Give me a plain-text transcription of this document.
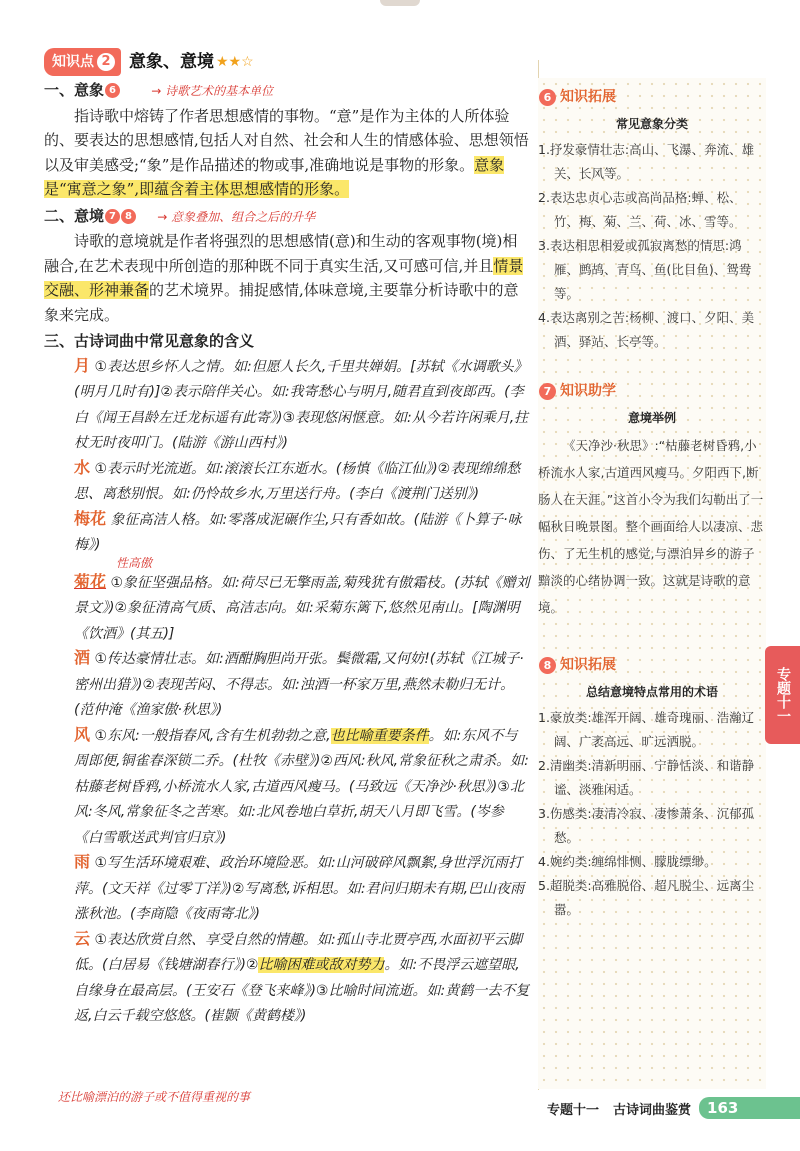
知识点 2 意象、意境 ★★☆
一、意象 6	→ 诗歌艺术的基本单位

指诗歌中熔铸了作者思想感情的事物。“意”是作为主体的人所体验的、要表达的思想感情,包括人对自然、社会和人生的情感体验、思想领悟以及审美感受;“象”是作品描述的物或事,准确地说是事物的形象。意象是“寓意之象”,即蕴含着主体思想感情的形象。

二、意境 7 8 → 意象叠加、组合之后的升华

诗歌的意境就是作者将强烈的思想感情(意)和生动的客观事物(境)相融合,在艺术表现中所创造的那种既不同于真实生活,又可感可信,并且情景交融、形神兼备的艺术境界。捕捉感情,体味意境,主要靠分析诗歌中的意象来完成。

三、古诗词曲中常见意象的含义

月 ①表达思乡怀人之情。如:但愿人长久,千里共婵娟。[苏轼《水调歌头》(明月几时有)]②表示陪伴关心。如:我寄愁心与明月,随君直到夜郎西。(李白《闻王昌龄左迁龙标遥有此寄》)③表现悠闲惬意。如:从今若许闲乘月,拄杖无时夜叩门。(陆游《游山西村》)

水 ①表示时光流逝。如:滚滚长江东逝水。(杨慎《临江仙》)②表现绵绵愁思、离愁别恨。如:仍怜故乡水,万里送行舟。(李白《渡荆门送别》)

梅花 象征高洁人格。如:零落成泥碾作尘,只有香如故。(陆游《卜算子·咏梅》)

性高傲

菊花 ①象征坚强品格。如:荷尽已无擎雨盖,菊残犹有傲霜枝。(苏轼《赠刘景文》)②象征清高气质、高洁志向。如:采菊东篱下,悠然见南山。[陶渊明《饮酒》(其五)]

酒 ①传达豪情壮志。如:酒酣胸胆尚开张。鬓微霜,又何妨!(苏轼《江城子·密州出猎》)②表现苦闷、不得志。如:浊酒一杯家万里,燕然未勒归无计。(范仲淹《渔家傲·秋思》)

风 ①东风:一般指春风,含有生机勃勃之意,也比喻重要条件。如:东风不与周郎便,铜雀春深锁二乔。(杜牧《赤壁》)②西风:秋风,常象征秋之肃杀。如:枯藤老树昏鸦,小桥流水人家,古道西风瘦马。(马致远《天净沙·秋思》)③北风:冬风,常象征冬之苦寒。如:北风卷地白草折,胡天八月即飞雪。(岑参《白雪歌送武判官归京》)

雨 ①写生活环境艰难、政治环境险恶。如:山河破碎风飘絮,身世浮沉雨打萍。(文天祥《过零丁洋》)②写离愁,诉相思。如:君问归期未有期,巴山夜雨涨秋池。(李商隐《夜雨寄北》)

云 ①表达欣赏自然、享受自然的情趣。如:孤山寺北贾亭西,水面初平云脚低。(白居易《钱塘湖春行》)②比喻困难或敌对势力。如:不畏浮云遮望眼,自缘身在最高层。(王安石《登飞来峰》)③比喻时间流逝。如:黄鹤一去不复返,白云千载空悠悠。(崔颢《黄鹤楼》)

还比喻漂泊的游子或不值得重视的事
6 知识拓展
常见意象分类

1.抒发豪情壮志:高山、飞瀑、奔流、雄关、长风等。

2.表达忠贞心志或高尚品格:蝉、松、竹、梅、菊、兰、荷、冰、雪等。

3.表达相思相爱或孤寂离愁的情思:鸿雁、鹧鸪、青鸟、鱼(比目鱼)、鸳鸯等。

4.表达离别之苦:杨柳、渡口、夕阳、美酒、驿站、长亭等。

7 知识助学
意境举例

《天净沙·秋思》:“枯藤老树昏鸦,小桥流水人家,古道西风瘦马。夕阳西下,断肠人在天涯。”这首小令为我们勾勒出了一幅秋日晚景图。整个画面给人以凄凉、悲伤、了无生机的感觉,与漂泊异乡的游子黯淡的心绪协调一致。这就是诗歌的意境。

8 知识拓展
总结意境特点常用的术语

1.豪放类:雄浑开阔、雄奇瑰丽、浩瀚辽阔、广袤高远、旷远洒脱。

2.清幽类:清新明丽、宁静恬淡、和谐静谧、淡雅闲适。

3.伤感类:凄清冷寂、凄惨萧条、沉郁孤愁。

4.婉约类:缠绵悱恻、朦胧缥缈。

5.超脱类:高雅脱俗、超凡脱尘、远离尘嚣。

专题十一
专题十一 古诗词曲鉴赏	163
